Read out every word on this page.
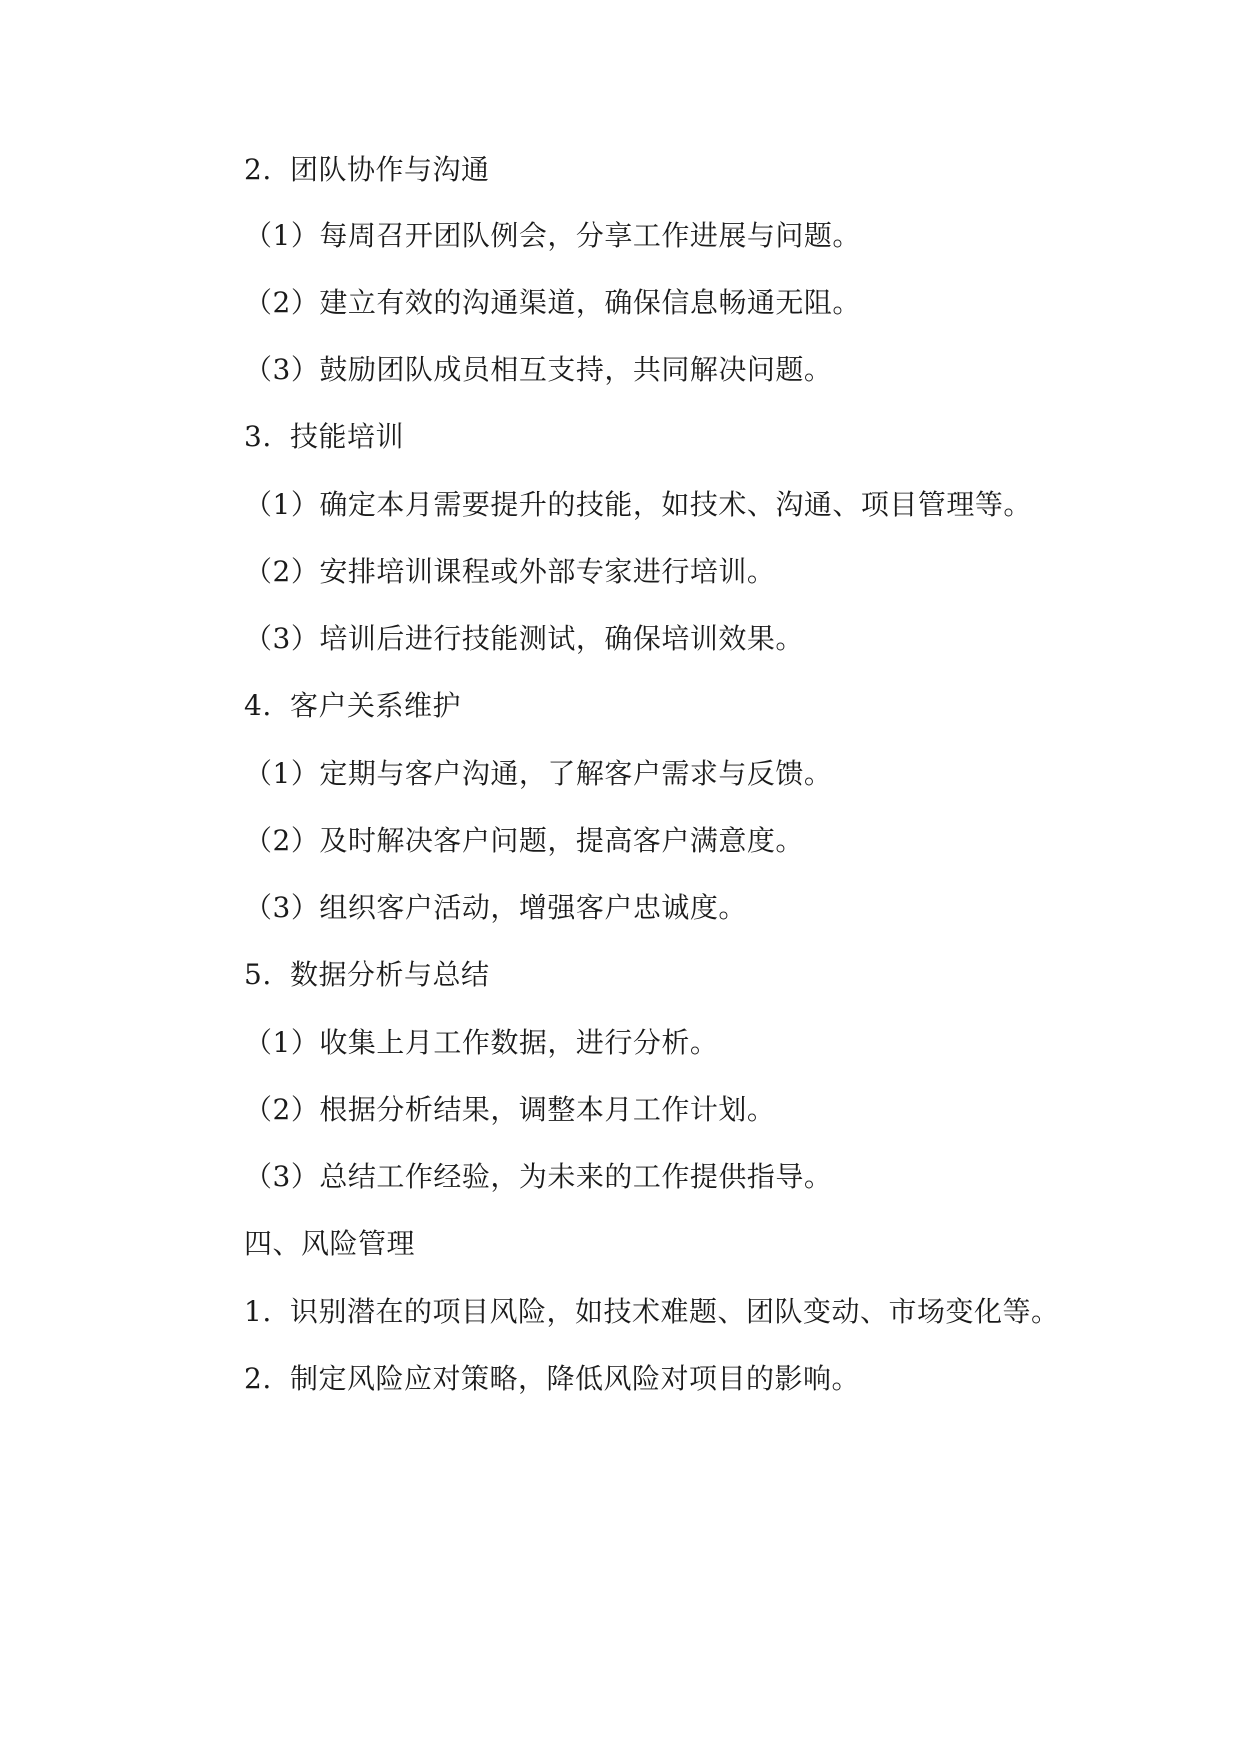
2. 团队协作与沟通
（1）每周召开团队例会，分享工作进展与问题。
（2）建立有效的沟通渠道，确保信息畅通无阻。
（3）鼓励团队成员相互支持，共同解决问题。
3. 技能培训
（1）确定本月需要提升的技能，如技术、沟通、项目管理等。
（2）安排培训课程或外部专家进行培训。
（3）培训后进行技能测试，确保培训效果。
4. 客户关系维护
（1）定期与客户沟通，了解客户需求与反馈。
（2）及时解决客户问题，提高客户满意度。
（3）组织客户活动，增强客户忠诚度。
5. 数据分析与总结
（1）收集上月工作数据，进行分析。
（2）根据分析结果，调整本月工作计划。
（3）总结工作经验，为未来的工作提供指导。
四、风险管理
1. 识别潜在的项目风险，如技术难题、团队变动、市场变化等。
2. 制定风险应对策略，降低风险对项目的影响。
